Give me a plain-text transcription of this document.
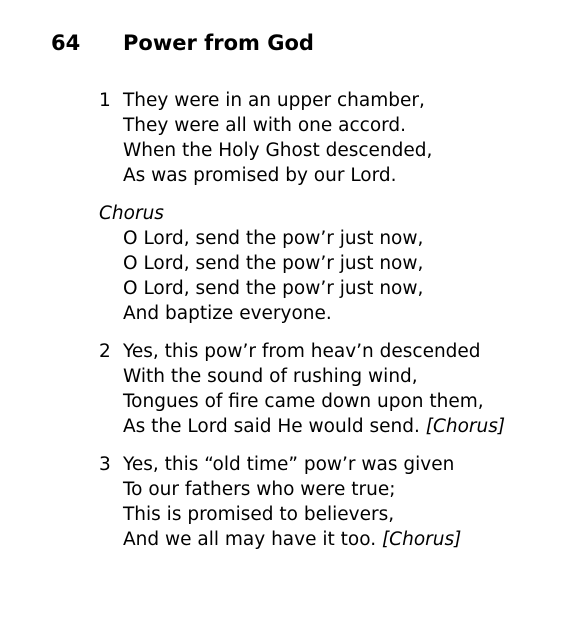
64 Power from God
1 They were in an upper chamber,
They were all with one accord.
When the Holy Ghost descended,
As was promised by our Lord.
Chorus
O Lord, send the pow’r just now,
O Lord, send the pow’r just now,
O Lord, send the pow’r just now,
And baptize everyone.
2 Yes, this pow’r from heav’n descended
With the sound of rushing wind,
Tongues of fire came down upon them,
As the Lord said He would send. [Chorus]
3 Yes, this “old time” pow’r was given
To our fathers who were true;
This is promised to believers,
And we all may have it too. [Chorus]
